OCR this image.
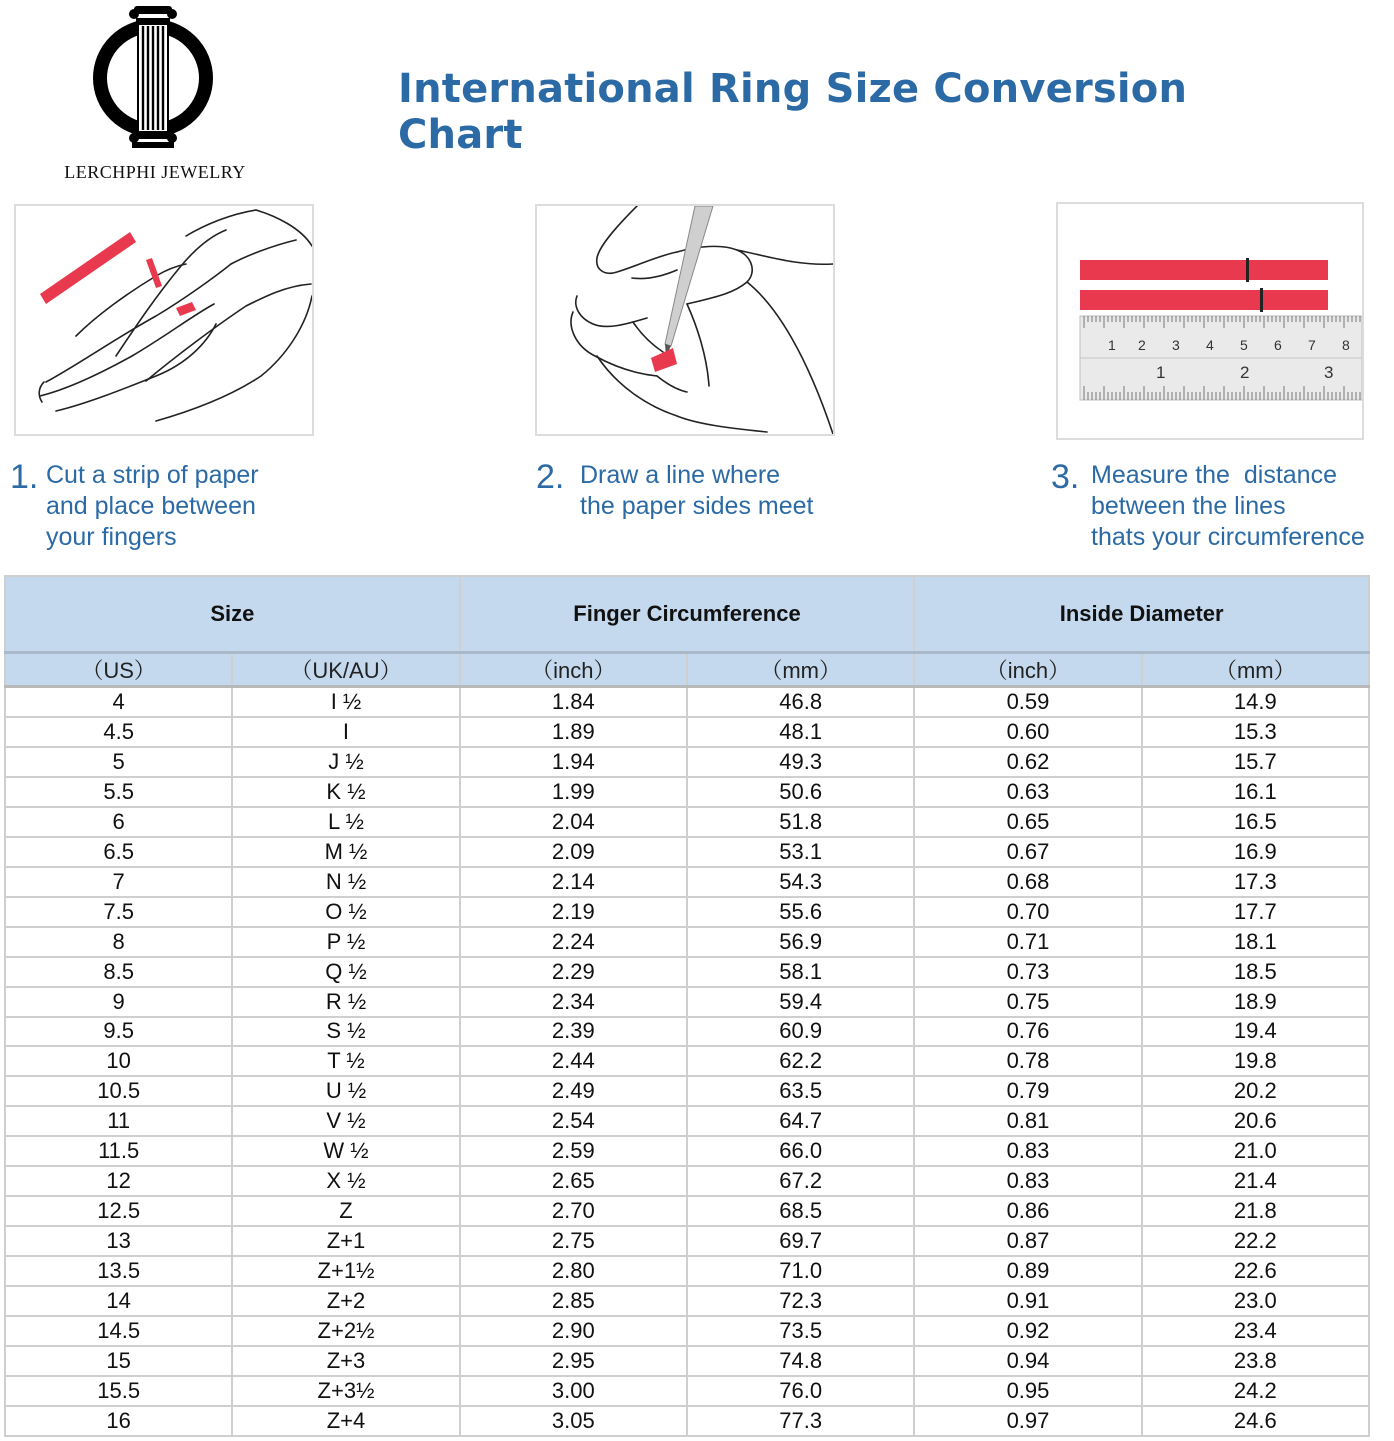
LERCHPHI JEWELRY
International Ring Size Conversion Chart
1 2 3 4 5 6 7 8
1	2	3
1. Cut a strip of paper
and place between
your fingers
2. Draw a line where
the paper sides meet
3. Measure the  distance
between the lines
thats your circumference
Size		Finger Circumference		Inside Diameter	
（US）	（UK/AU）	（inch）	（mm）	（inch）	（mm）
4	I ½	1.84	46.8	0.59	14.9
4.5	I	1.89	48.1	0.60	15.3
5	J ½	1.94	49.3	0.62	15.7
5.5	K ½	1.99	50.6	0.63	16.1
6	L ½	2.04	51.8	0.65	16.5
6.5	M ½	2.09	53.1	0.67	16.9
7	N ½	2.14	54.3	0.68	17.3
7.5	O ½	2.19	55.6	0.70	17.7
8	P ½	2.24	56.9	0.71	18.1
8.5	Q ½	2.29	58.1	0.73	18.5
9	R ½	2.34	59.4	0.75	18.9
9.5	S ½	2.39	60.9	0.76	19.4
10	T ½	2.44	62.2	0.78	19.8
10.5	U ½	2.49	63.5	0.79	20.2
11	V ½	2.54	64.7	0.81	20.6
11.5	W ½	2.59	66.0	0.83	21.0
12	X ½	2.65	67.2	0.83	21.4
12.5	Z	2.70	68.5	0.86	21.8
13	Z+1	2.75	69.7	0.87	22.2
13.5	Z+1½	2.80	71.0	0.89	22.6
14	Z+2	2.85	72.3	0.91	23.0
14.5	Z+2½	2.90	73.5	0.92	23.4
15	Z+3	2.95	74.8	0.94	23.8
15.5	Z+3½	3.00	76.0	0.95	24.2
16	Z+4	3.05	77.3	0.97	24.6
